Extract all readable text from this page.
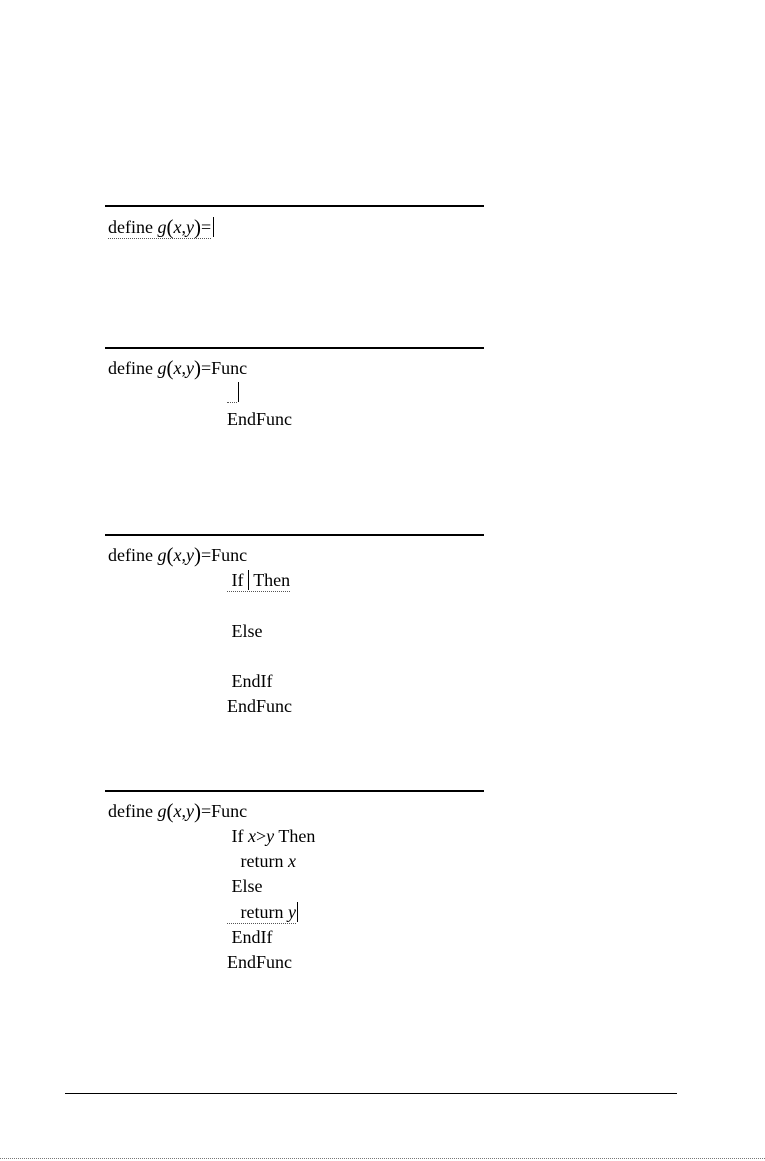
define g(x,y)=
define g(x,y)=Func
EndFunc
define g(x,y)=Func
If Then
Else
EndIf
EndFunc
define g(x,y)=Func
If x>y Then
return x
Else
return y
EndIf
EndFunc
